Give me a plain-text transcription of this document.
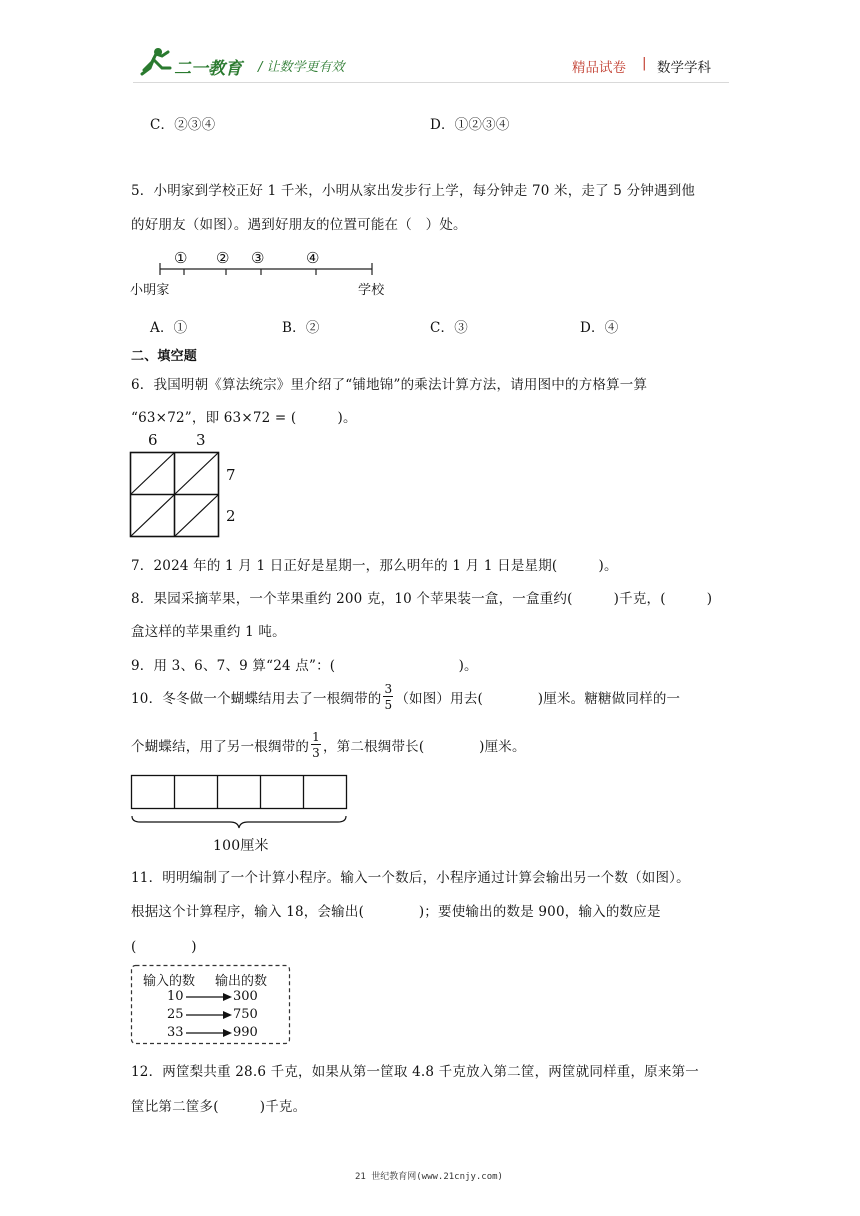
二一教育 / 让数学更有效	精品试卷 | 数学学科
C．②③④	D．①②③④
5．小明家到学校正好 1 千米，小明从家出发步行上学，每分钟走 70 米，走了 5 分钟遇到他
的好朋友（如图）。遇到好朋友的位置可能在（　）处。
① ② ③	④
小明家	学校
A．①	B．②	C．③	D．④
二、填空题
6．我国明朝《算法统宗》里介绍了“铺地锦”的乘法计算方法，请用图中的方格算一算
“63×72”，即 63×72 = (　　　)。
6	3
7
2
7．2024 年的 1 月 1 日正好是星期一，那么明年的 1 月 1 日是星期(　　　)。
8．果园采摘苹果，一个苹果重约 200 克，10 个苹果装一盒，一盒重约(　　　)千克，(　　　)
盒这样的苹果重约 1 吨。
9．用 3、6、7、9 算“24 点”：(　　　　　　　　　)。
10．冬冬做一个蝴蝶结用去了一根绸带的 $\frac{3}{5}$ （如图）用去(　　　　)厘米。糖糖做同样的一
个蝴蝶结，用了另一根绸带的 $\frac{1}{3}$ ，第二根绸带长(　　　　)厘米。
100厘米
11．明明编制了一个计算小程序。输入一个数后，小程序通过计算会输出另一个数（如图）。
根据这个计算程序，输入 18，会输出(　　　　)；要使输出的数是 900，输入的数应是
(　　　　)
输入的数 输出的数
10	300
25	750
33	990
12．两筐梨共重 28.6 千克，如果从第一筐取 4.8 千克放入第二筐，两筐就同样重，原来第一
筐比第二筐多(　　　)千克。
21 世纪教育网(www.21cnjy.com)
